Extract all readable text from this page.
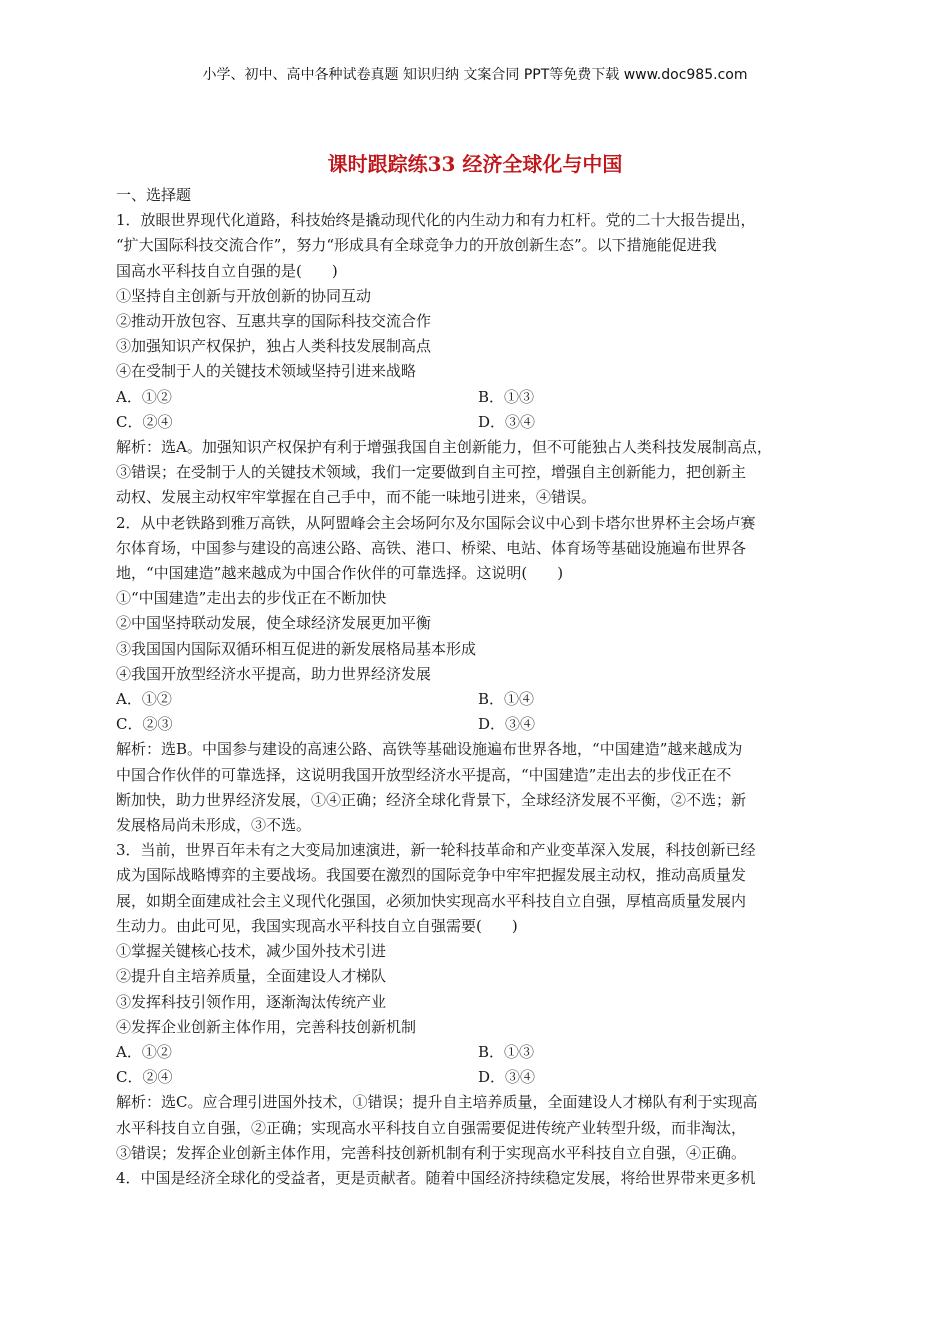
小学、初中、高中各种试卷真题 知识归纳 文案合同 PPT等免费下载 www.doc985.com
课时跟踪练33 经济全球化与中国
一、选择题
1．放眼世界现代化道路，科技始终是撬动现代化的内生动力和有力杠杆。党的二十大报告提出，
“扩大国际科技交流合作”，努力“形成具有全球竞争力的开放创新生态”。以下措施能促进我
国高水平科技自立自强的是(　　)
①坚持自主创新与开放创新的协同互动
②推动开放包容、互惠共享的国际科技交流合作
③加强知识产权保护，独占人类科技发展制高点
④在受制于人的关键技术领域坚持引进来战略
A．①②	B．①③
C．②④	D．③④
解析：选A。加强知识产权保护有利于增强我国自主创新能力，但不可能独占人类科技发展制高点，
③错误；在受制于人的关键技术领域，我们一定要做到自主可控，增强自主创新能力，把创新主
动权、发展主动权牢牢掌握在自己手中，而不能一味地引进来，④错误。
2．从中老铁路到雅万高铁，从阿盟峰会主会场阿尔及尔国际会议中心到卡塔尔世界杯主会场卢赛
尔体育场，中国参与建设的高速公路、高铁、港口、桥梁、电站、体育场等基础设施遍布世界各
地，“中国建造”越来越成为中国合作伙伴的可靠选择。这说明(　　)
①“中国建造”走出去的步伐正在不断加快
②中国坚持联动发展，使全球经济发展更加平衡
③我国国内国际双循环相互促进的新发展格局基本形成
④我国开放型经济水平提高，助力世界经济发展
A．①②	B．①④
C．②③	D．③④
解析：选B。中国参与建设的高速公路、高铁等基础设施遍布世界各地，“中国建造”越来越成为
中国合作伙伴的可靠选择，这说明我国开放型经济水平提高，“中国建造”走出去的步伐正在不
断加快，助力世界经济发展，①④正确；经济全球化背景下，全球经济发展不平衡，②不选；新
发展格局尚未形成，③不选。
3．当前，世界百年未有之大变局加速演进，新一轮科技革命和产业变革深入发展，科技创新已经
成为国际战略博弈的主要战场。我国要在激烈的国际竞争中牢牢把握发展主动权，推动高质量发
展，如期全面建成社会主义现代化强国，必须加快实现高水平科技自立自强，厚植高质量发展内
生动力。由此可见，我国实现高水平科技自立自强需要(　　)
①掌握关键核心技术，减少国外技术引进
②提升自主培养质量，全面建设人才梯队
③发挥科技引领作用，逐渐淘汰传统产业
④发挥企业创新主体作用，完善科技创新机制
A．①②	B．①③
C．②④	D．③④
解析：选C。应合理引进国外技术，①错误；提升自主培养质量，全面建设人才梯队有利于实现高
水平科技自立自强，②正确；实现高水平科技自立自强需要促进传统产业转型升级，而非淘汰，
③错误；发挥企业创新主体作用，完善科技创新机制有利于实现高水平科技自立自强，④正确。
4．中国是经济全球化的受益者，更是贡献者。随着中国经济持续稳定发展，将给世界带来更多机
